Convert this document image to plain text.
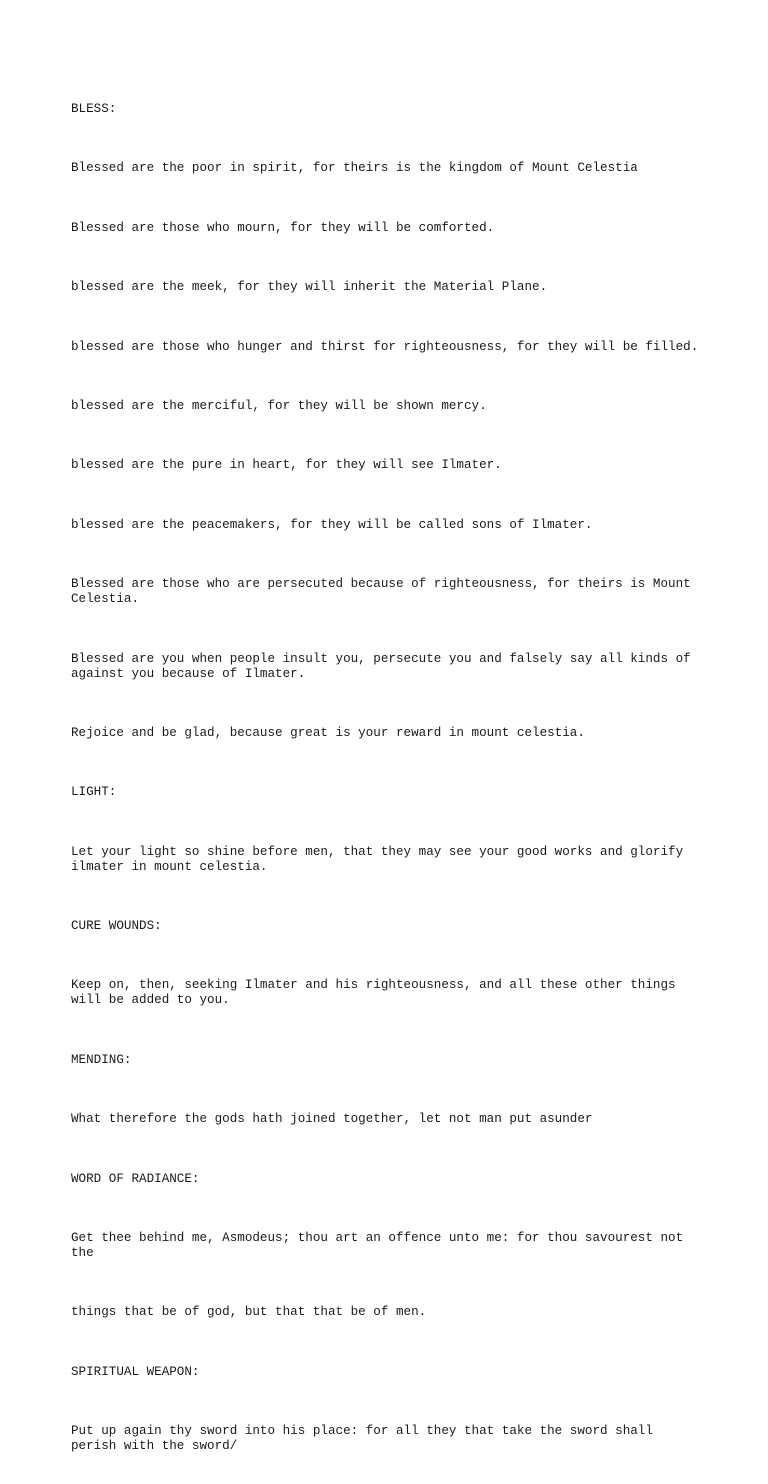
BLESS:

Blessed are the poor in spirit, for theirs is the kingdom of Mount Celestia

Blessed are those who mourn, for they will be comforted.

blessed are the meek, for they will inherit the Material Plane.

blessed are those who hunger and thirst for righteousness, for they will be filled.

blessed are the merciful, for they will be shown mercy.

blessed are the pure in heart, for they will see Ilmater.

blessed are the peacemakers, for they will be called sons of Ilmater.

Blessed are those who are persecuted because of righteousness, for theirs is Mount
Celestia.

Blessed are you when people insult you, persecute you and falsely say all kinds of
against you because of Ilmater.

Rejoice and be glad, because great is your reward in mount celestia.

LIGHT:

Let your light so shine before men, that they may see your good works and glorify
ilmater in mount celestia.

CURE WOUNDS:

Keep on, then, seeking Ilmater and his righteousness, and all these other things
will be added to you.

MENDING:

What therefore the gods hath joined together, let not man put asunder

WORD OF RADIANCE:

Get thee behind me, Asmodeus; thou art an offence unto me: for thou savourest not
the

things that be of god, but that that be of men.

SPIRITUAL WEAPON:

Put up again thy sword into his place: for all they that take the sword shall
perish with the sword/
